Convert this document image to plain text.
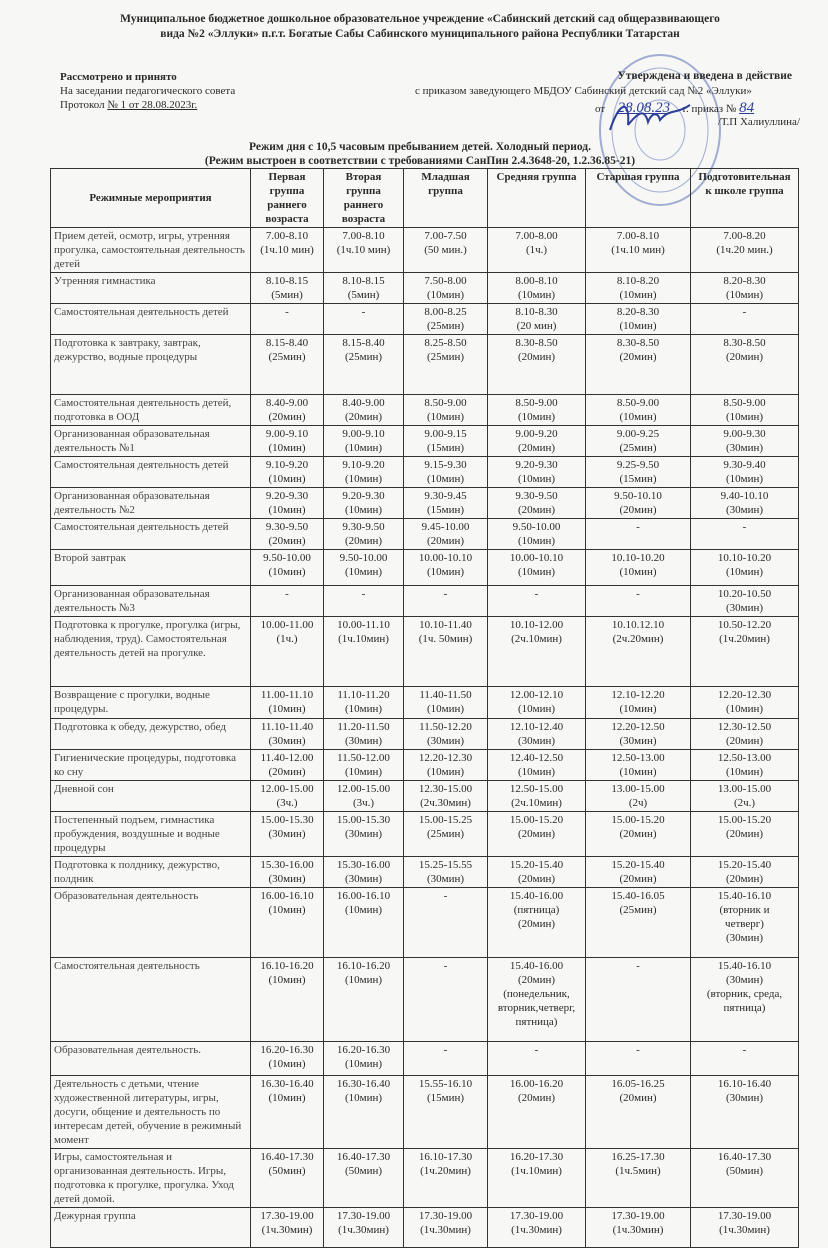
Муниципальное бюджетное дошкольное образовательное учреждение «Сабинский детский сад общеразвивающего вида №2 «Эллуки» п.г.т. Богатые Сабы Сабинского муниципального района Республики Татарстан
Рассмотрено и принято
На заседании педагогического совета
Протокол № 1 от 28.08.2023г.
Утверждена и введена в действие
с приказом заведующего МБДОУ Сабинский детский сад №2 «Эллуки»
от 28.08.23 г. приказ № 84
/Т.П Халиуллина/
Режим дня с 10,5 часовым пребыванием детей. Холодный период.
(Режим выстроен в соответствии с требованиями СанПин 2.4.3648-20, 1.2.36.85-21)
Режимные мероприятия	Первая группа раннего возраста	Вторая группа раннего возраста	Младшая группа	Средняя группа	Старшая группа	Подготовительная к школе группа
Прием детей, осмотр, игры, утренняя прогулка, самостоятельная деятельность детей	7.00-8.10
(1ч.10 мин)	7.00-8.10
(1ч.10 мин)	7.00-7.50
(50 мин.)	7.00-8.00
(1ч.)	7.00-8.10
(1ч.10 мин)	7.00-8.20
(1ч.20 мин.)
Утренняя гимнастика	8.10-8.15
(5мин)	8.10-8.15
(5мин)	7.50-8.00
(10мин)	8.00-8.10
(10мин)	8.10-8.20
(10мин)	8.20-8.30
(10мин)
Самостоятельная деятельность детей	-	-	8.00-8.25
(25мин)	8.10-8.30
(20 мин)	8.20-8.30
(10мин)	-
Подготовка к завтраку, завтрак, дежурство, водные процедуры	8.15-8.40
(25мин)	8.15-8.40
(25мин)	8.25-8.50
(25мин)	8.30-8.50
(20мин)	8.30-8.50
(20мин)	8.30-8.50
(20мин)
Самостоятельная деятельность детей, подготовка в ООД	8.40-9.00
(20мин)	8.40-9.00
(20мин)	8.50-9.00
(10мин)	8.50-9.00
(10мин)	8.50-9.00
(10мин)	8.50-9.00
(10мин)
Организованная образовательная деятельность №1	9.00-9.10
(10мин)	9.00-9.10
(10мин)	9.00-9.15
(15мин)	9.00-9.20
(20мин)	9.00-9.25
(25мин)	9.00-9.30
(30мин)
Самостоятельная деятельность детей	9.10-9.20
(10мин)	9.10-9.20
(10мин)	9.15-9.30
(10мин)	9.20-9.30
(10мин)	9.25-9.50
(15мин)	9.30-9.40
(10мин)
Организованная образовательная деятельность №2	9.20-9.30
(10мин)	9.20-9.30
(10мин)	9.30-9.45
(15мин)	9.30-9.50
(20мин)	9.50-10.10
(20мин)	9.40-10.10
(30мин)
Самостоятельная деятельность детей	9.30-9.50
(20мин)	9.30-9.50
(20мин)	9.45-10.00
(20мин)	9.50-10.00
(10мин)	-	-
Второй завтрак	9.50-10.00
(10мин)	9.50-10.00
(10мин)	10.00-10.10
(10мин)	10.00-10.10
(10мин)	10.10-10.20
(10мин)	10.10-10.20
(10мин)
Организованная образовательная деятельность №3	-	-	-	-	-	10.20-10.50
(30мин)
Подготовка к прогулке, прогулка (игры, наблюдения, труд). Самостоятельная деятельность детей на прогулке.	10.00-11.00
(1ч.)	10.00-11.10
(1ч.10мин)	10.10-11.40
(1ч. 50мин)	10.10-12.00
(2ч.10мин)	10.10.12.10
(2ч.20мин)	10.50-12.20
(1ч.20мин)
Возвращение с прогулки, водные процедуры.	11.00-11.10
(10мин)	11.10-11.20
(10мин)	11.40-11.50
(10мин)	12.00-12.10
(10мин)	12.10-12.20
(10мин)	12.20-12.30
(10мин)
Подготовка к обеду, дежурство, обед	11.10-11.40
(30мин)	11.20-11.50
(30мин)	11.50-12.20
(30мин)	12.10-12.40
(30мин)	12.20-12.50
(30мин)	12.30-12.50
(20мин)
Гигиенические процедуры, подготовка ко сну	11.40-12.00
(20мин)	11.50-12.00
(10мин)	12.20-12.30
(10мин)	12.40-12.50
(10мин)	12.50-13.00
(10мин)	12.50-13.00
(10мин)
Дневной сон	12.00-15.00
(3ч.)	12.00-15.00
(3ч.)	12.30-15.00
(2ч.30мин)	12.50-15.00
(2ч.10мин)	13.00-15.00
(2ч)	13.00-15.00
(2ч.)
Постепенный подъем, гимнастика пробуждения, воздушные и водные процедуры	15.00-15.30
(30мин)	15.00-15.30
(30мин)	15.00-15.25
(25мин)	15.00-15.20
(20мин)	15.00-15.20
(20мин)	15.00-15.20
(20мин)
Подготовка к полднику, дежурство, полдник	15.30-16.00
(30мин)	15.30-16.00
(30мин)	15.25-15.55
(30мин)	15.20-15.40
(20мин)	15.20-15.40
(20мин)	15.20-15.40
(20мин)
Образовательная деятельность	16.00-16.10
(10мин)	16.00-16.10
(10мин)	-	15.40-16.00
(пятница)
(20мин)	15.40-16.05
(25мин)	15.40-16.10
(вторник и
четверг)
(30мин)
Самостоятельная деятельность	16.10-16.20
(10мин)	16.10-16.20
(10мин)	-	15.40-16.00
(20мин)
(понедельник,
вторник,четверг,
пятница)	-	15.40-16.10
(30мин)
(вторник, среда,
пятница)
Образовательная деятельность.	16.20-16.30
(10мин)	16.20-16.30
(10мин)	-	-	-	-
Деятельность с детьми, чтение художественной литературы, игры, досуги, общение и деятельность по интересам детей, обучение в режимный момент	16.30-16.40
(10мин)	16.30-16.40
(10мин)	15.55-16.10
(15мин)	16.00-16.20
(20мин)	16.05-16.25
(20мин)	16.10-16.40
(30мин)
Игры, самостоятельная и организованная деятельность. Игры, подготовка к прогулке, прогулка. Уход детей домой.	16.40-17.30
(50мин)	16.40-17.30
(50мин)	16.10-17.30
(1ч.20мин)	16.20-17.30
(1ч.10мин)	16.25-17.30
(1ч.5мин)	16.40-17.30
(50мин)
Дежурная группа	17.30-19.00
(1ч.30мин)	17.30-19.00
(1ч.30мин)	17.30-19.00
(1ч.30мин)	17.30-19.00
(1ч.30мин)	17.30-19.00
(1ч.30мин)	17.30-19.00
(1ч.30мин)
